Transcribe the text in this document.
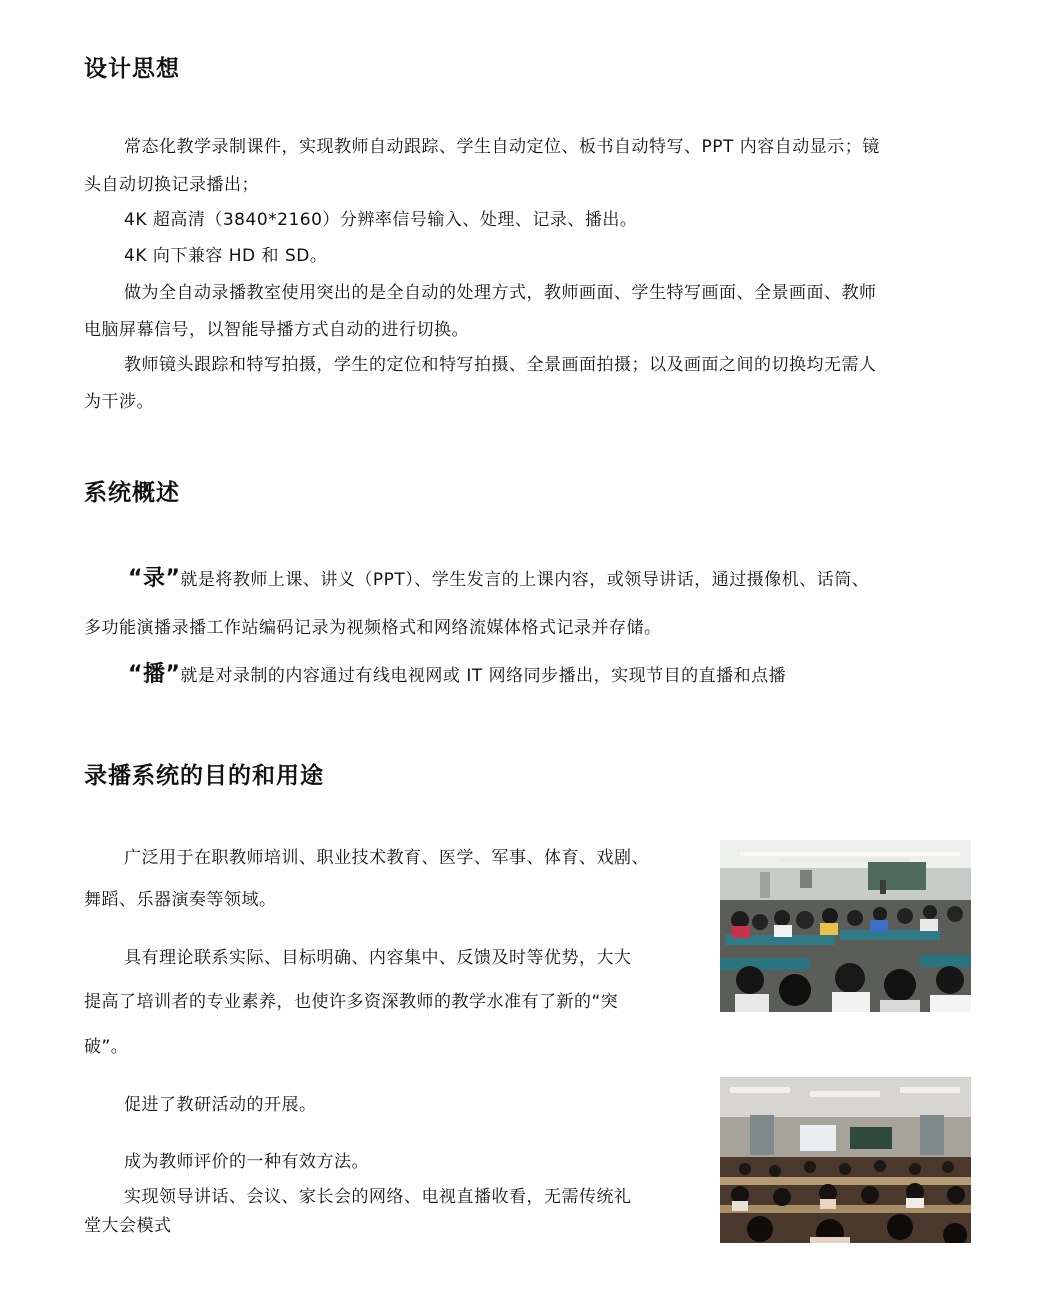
设计思想
常态化教学录制课件，实现教师自动跟踪、学生自动定位、板书自动特写、PPT 内容自动显示；镜
头自动切换记录播出；
4K 超高清（3840*2160）分辨率信号输入、处理、记录、播出。
4K 向下兼容 HD 和 SD。
做为全自动录播教室使用突出的是全自动的处理方式，教师画面、学生特写画面、全景画面、教师
电脑屏幕信号，以智能导播方式自动的进行切换。
教师镜头跟踪和特写拍摄，学生的定位和特写拍摄、全景画面拍摄；以及画面之间的切换均无需人
为干涉。
系统概述
“录”就是将教师上课、讲义（PPT）、学生发言的上课内容，或领导讲话，通过摄像机、话筒、
多功能演播录播工作站编码记录为视频格式和网络流媒体格式记录并存储。
“播”就是对录制的内容通过有线电视网或 IT 网络同步播出，实现节目的直播和点播
录播系统的目的和用途
广泛用于在职教师培训、职业技术教育、医学、军事、体育、戏剧、
舞蹈、乐器演奏等领域。
具有理论联系实际、目标明确、内容集中、反馈及时等优势，大大
提高了培训者的专业素养，也使许多资深教师的教学水准有了新的“突
破”。
促进了教研活动的开展。
成为教师评价的一种有效方法。
实现领导讲话、会议、家长会的网络、电视直播收看，无需传统礼
堂大会模式
